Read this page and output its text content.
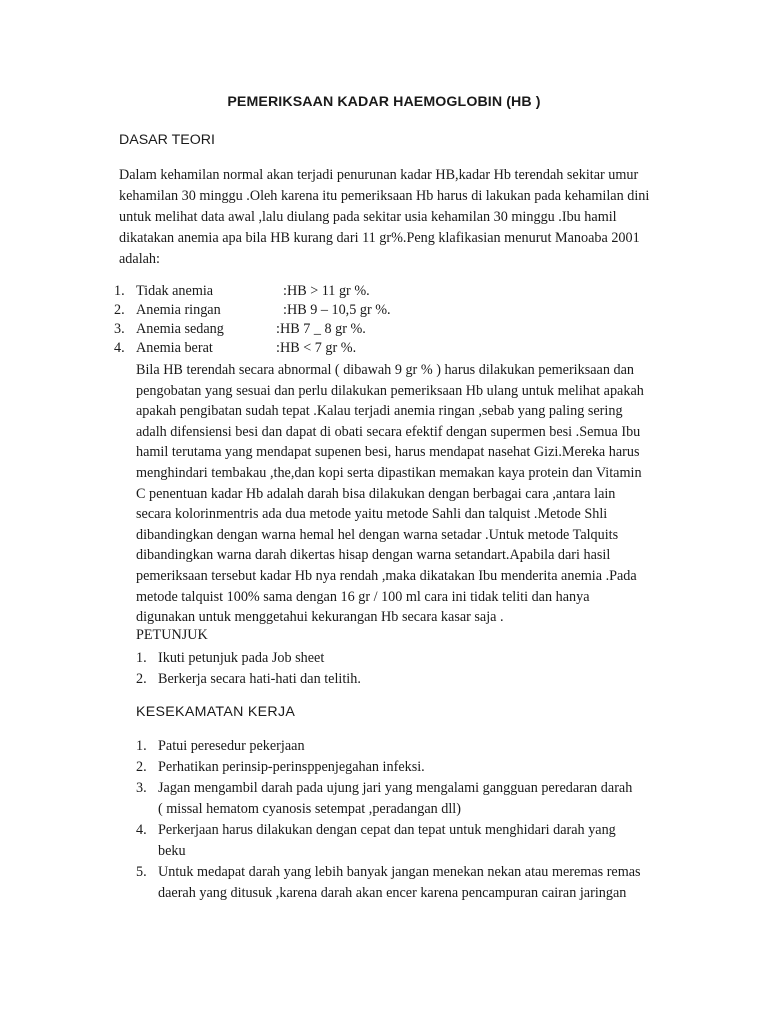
PEMERIKSAAN KADAR HAEMOGLOBIN (HB )
DASAR TEORI
Dalam kehamilan normal akan terjadi penurunan kadar HB,kadar Hb terendah sekitar umur
kehamilan 30 minggu .Oleh karena itu pemeriksaan Hb harus di lakukan pada kehamilan dini
untuk melihat data awal ,lalu diulang pada sekitar usia kehamilan 30 minggu .Ibu hamil
dikatakan anemia apa bila HB kurang dari 11 gr%.Peng klafikasian menurut Manoaba 2001
adalah:
1. Tidak anemia	:HB > 11 gr %.
2. Anemia ringan	:HB 9 – 10,5 gr %.
3. Anemia sedang	:HB 7 _ 8 gr %.
4. Anemia berat	:HB < 7 gr %.
Bila HB terendah secara abnormal ( dibawah 9 gr % ) harus dilakukan pemeriksaan dan
pengobatan yang sesuai dan perlu dilakukan pemeriksaan Hb ulang untuk melihat apakah
apakah pengibatan sudah tepat .Kalau terjadi anemia ringan ,sebab yang paling sering
adalh difensiensi besi dan dapat di obati secara efektif dengan supermen besi .Semua Ibu
hamil terutama yang mendapat supenen besi, harus mendapat nasehat Gizi.Mereka harus
menghindari tembakau ,the,dan kopi serta dipastikan memakan kaya protein dan Vitamin
C penentuan kadar Hb adalah darah bisa dilakukan dengan berbagai cara ,antara lain
secara kolorinmentris ada dua metode yaitu metode Sahli dan talquist .Metode Shli
dibandingkan dengan warna hemal hel dengan warna setadar .Untuk metode Talquits
dibandingkan warna darah dikertas hisap dengan warna setandart.Apabila dari hasil
pemeriksaan tersebut kadar Hb nya rendah ,maka dikatakan Ibu menderita anemia .Pada
metode talquist 100% sama dengan 16 gr / 100 ml cara ini tidak teliti dan hanya
digunakan untuk menggetahui kekurangan Hb secara kasar saja .
PETUNJUK
1. Ikuti petunjuk pada Job sheet
2. Berkerja secara hati-hati dan telitih.
KESEKAMATAN KERJA
1. Patui peresedur pekerjaan
2. Perhatikan perinsip-perinsppenjegahan infeksi.
3. Jagan mengambil darah pada ujung jari yang mengalami gangguan peredaran darah
( missal hematom cyanosis setempat ,peradangan dll)
4. Perkerjaan harus dilakukan dengan cepat dan tepat untuk menghidari darah yang
beku
5. Untuk medapat darah yang lebih banyak jangan menekan nekan atau meremas remas
daerah yang ditusuk ,karena darah akan encer karena pencampuran cairan jaringan
